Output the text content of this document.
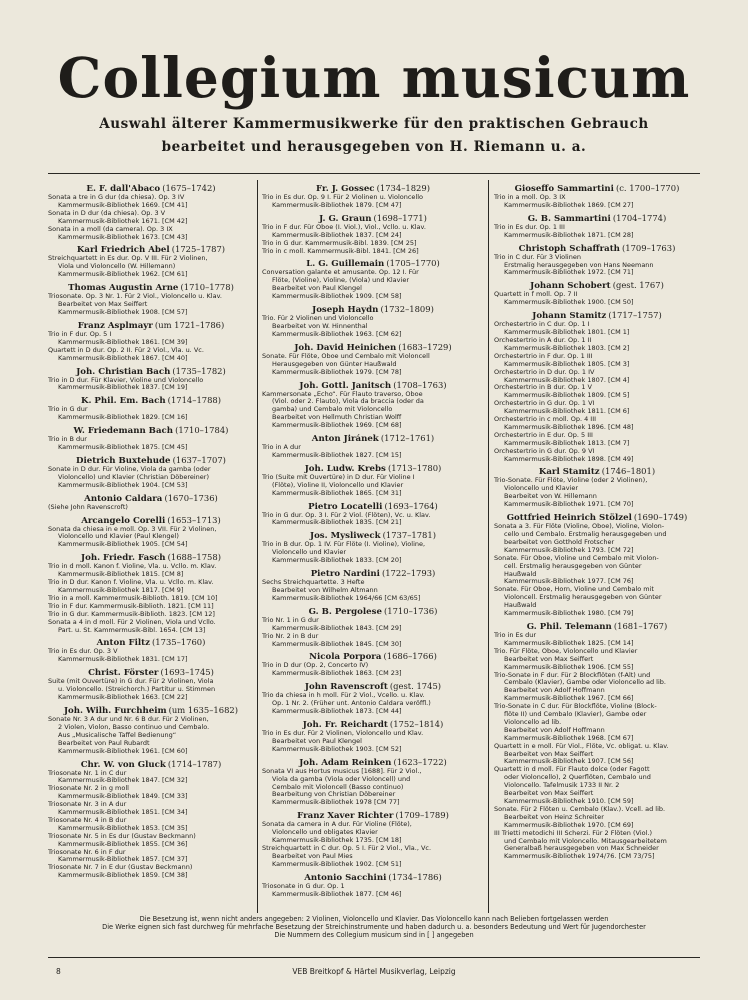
Collegium musicum
Auswahl älterer Kammermusikwerke für den praktischen Gebrauch
bearbeitet und herausgegeben von H. Riemann u. a.
E. F. dall'Abaco (1675–1742)
Sonata a tre in G dur (da chiesa). Op. 3 IV
Kammermusik-Bibliothek 1669. [CM 41]
Sonata in D dur (da chiesa). Op. 3 V
Kammermusik-Bibliothek 1671. [CM 42]
Sonata in a moll (da camera). Op. 3 IX
Kammermusik-Bibliothek 1673. [CM 43]
Karl Friedrich Abel (1725–1787)
Streichquartett in Es dur. Op. V III. Für 2 Violinen,
Viola und Violoncello (W. Hillemann)
Kammermusik-Bibliothek 1962. [CM 61]
Thomas Augustin Arne (1710–1778)
Triosonate. Op. 3 Nr. 1. Für 2 Viol., Violoncello u. Klav.
Bearbeitet von Max Seiffert
Kammermusik-Bibliothek 1908. [CM 57]
Franz Asplmayr (um 1721–1786)
Trio in F dur. Op. 5 I
Kammermusik-Bibliothek 1861. [CM 39]
Quartett in D dur. Op. 2 II. Für 2 Viol., Vla. u. Vc.
Kammermusik-Bibliothek 1867. [CM 40]
Joh. Christian Bach (1735–1782)
Trio in D dur. Für Klavier, Violine und Violoncello
Kammermusik-Bibliothek 1837. [CM 19]
K. Phil. Em. Bach (1714–1788)
Trio in G dur
Kammermusik-Bibliothek 1829. [CM 16]
W. Friedemann Bach (1710–1784)
Trio in B dur
Kammermusik-Bibliothek 1875. [CM 45]
Dietrich Buxtehude (1637–1707)
Sonate in D dur. Für Violine, Viola da gamba (oder
Violoncello) und Klavier (Christian Döbereiner)
Kammermusik-Bibliothek 1904. [CM 53]
Antonio Caldara (1670–1736)
(Siehe John Ravenscroft)
Arcangelo Corelli (1653–1713)
Sonata da chiesa in e moll. Op. 3 VII. Für 2 Violinen,
Violoncello und Klavier (Paul Klengel)
Kammermusik-Bibliothek 1905. [CM 54]
Joh. Friedr. Fasch (1688–1758)
Trio in d moll. Kanon f. Violine, Vla. u. Vcllo. m. Klav.
Kammermusik-Bibliothek 1815. [CM 8]
Trio in D dur. Kanon f. Violine, Vla. u. Vcllo. m. Klav.
Kammermusik-Bibliothek 1817. [CM 9]
Trio in a moll. Kammermusik-Biblioth. 1819. [CM 10]
Trio in F dur. Kammermusik-Biblioth. 1821. [CM 11]
Trio in G dur. Kammermusik-Biblioth. 1823. [CM 12]
Sonata a 4 in d moll. Für 2 Violinen, Viola und Vcllo.
Part. u. St. Kammermusik-Bibl. 1654. [CM 13]
Anton Filtz (1735–1760)
Trio in Es dur. Op. 3 V
Kammermusik-Bibliothek 1831. [CM 17]
Christ. Förster (1693–1745)
Suite (mit Ouvertüre) in G dur. Für 2 Violinen, Viola
u. Violoncello. (Streichorch.) Partitur u. Stimmen
Kammermusik-Bibliothek 1663. [CM 22]
Joh. Wilh. Furchheim (um 1635–1682)
Sonate Nr. 3 A dur und Nr. 6 B dur. Für 2 Violinen,
2 Violen, Violon, Basso continuo und Cembalo.
Aus „Musicalische Taffel Bedienung“
Bearbeitet von Paul Rubardt
Kammermusik-Bibliothek 1961. [CM 60]
Chr. W. von Gluck (1714–1787)
Triosonate Nr. 1 in C dur
Kammermusik-Bibliothek 1847. [CM 32]
Triosonate Nr. 2 in g moll
Kammermusik-Bibliothek 1849. [CM 33]
Triosonate Nr. 3 in A dur
Kammermusik-Bibliothek 1851. [CM 34]
Triosonate Nr. 4 in B dur
Kammermusik-Bibliothek 1853. [CM 35]
Triosonate Nr. 5 in Es dur (Gustav Beckmann)
Kammermusik-Bibliothek 1855. [CM 36]
Triosonate Nr. 6 in F dur
Kammermusik-Bibliothek 1857. [CM 37]
Triosonate Nr. 7 in E dur (Gustav Beckmann)
Kammermusik-Bibliothek 1859. [CM 38]
Fr. J. Gossec (1734–1829)
Trio in Es dur. Op. 9 I. Für 2 Violinen u. Violoncello
Kammermusik-Bibliothek 1879. [CM 47]
J. G. Graun (1698–1771)
Trio in F dur. Für Oboe (I. Viol.), Viol., Vcllo. u. Klav.
Kammermusik-Bibliothek 1837. [CM 24]
Trio in G dur. Kammermusik-Bibl. 1839. [CM 25]
Trio in c moll. Kammermusik-Bibl. 1841. [CM 26]
L. G. Guillemain (1705–1770)
Conversation galante et amusante. Op. 12 I. Für
Flöte, (Violine), Violine, (Viola) und Klavier
Bearbeitet von Paul Klengel
Kammermusik-Bibliothek 1909. [CM 58]
Joseph Haydn (1732–1809)
Trio. Für 2 Violinen und Violoncello
Bearbeitet von W. Hinnenthal
Kammermusik-Bibliothek 1963. [CM 62]
Joh. David Heinichen (1683–1729)
Sonate. Für Flöte, Oboe und Cembalo mit Violoncell
Herausgegeben von Günter Haußwald
Kammermusik-Bibliothek 1979. [CM 78]
Joh. Gottl. Janitsch (1708–1763)
Kammersonate „Echo“. Für Flauto traverso, Oboe
(Viol. oder 2. Flauto), Viola da braccia (oder da
gamba) und Cembalo mit Violoncello
Bearbeitet von Hellmuth Christian Wolff
Kammermusik-Bibliothek 1969. [CM 68]
Anton Jiránek (1712–1761)
Trio in A dur
Kammermusik-Bibliothek 1827. [CM 15]
Joh. Ludw. Krebs (1713–1780)
Trio (Suite mit Ouvertüre) in D dur. Für Violine I
(Flöte), Violine II, Violoncello und Klavier
Kammermusik-Bibliothek 1865. [CM 31]
Pietro Locatelli (1693–1764)
Trio in G dur. Op. 3 I. Für 2 Viol. (Flöten), Vc. u. Klav.
Kammermusik-Bibliothek 1835. [CM 21]
Jos. Mysliweck (1737–1781)
Trio in B dur. Op. 1 IV. Für Flöte (I. Violine), Violine,
Violoncello und Klavier
Kammermusik-Bibliothek 1833. [CM 20]
Pietro Nardini (1722–1793)
Sechs Streichquartette. 3 Hefte
Bearbeitet von Wilhelm Altmann
Kammermusik-Bibliothek 1964/66 [CM 63/65]
G. B. Pergolese (1710–1736)
Trio Nr. 1 in G dur
Kammermusik-Bibliothek 1843. [CM 29]
Trio Nr. 2 in B dur
Kammermusik-Bibliothek 1845. [CM 30]
Nicola Porpora (1686–1766)
Trio in D dur (Op. 2, Concerto IV)
Kammermusik-Bibliothek 1863. [CM 23]
John Ravenscroft (gest. 1745)
Trio da chiesa in h moll. Für 2 Viol., Vcello. u. Klav.
Op. 1 Nr. 2. (Früher unt. Antonio Caldara veröffl.)
Kammermusik-Bibliothek 1873. [CM 44]
Joh. Fr. Reichardt (1752–1814)
Trio in Es dur. Für 2 Violinen, Violoncello und Klav.
Bearbeitet von Paul Klengel
Kammermusik-Bibliothek 1903. [CM 52]
Joh. Adam Reinken (1623–1722)
Sonata VI aus Hortus musicus [1688]. Für 2 Viol.,
Viola da gamba (Viola oder Violoncell) und
Cembalo mit Violoncell (Basso continuo)
Bearbeitung von Christian Döbereiner
Kammermusik-Bibliothek 1978 [CM 77]
Franz Xaver Richter (1709–1789)
Sonata da camera in A dur. Für Violine (Flöte),
Violoncello und obligates Klavier
Kammermusik-Bibliothek 1735. [CM 18]
Streichquartett in C dur. Op. 5 I. Für 2 Viol., Vla., Vc.
Bearbeitet von Paul Mies
Kammermusik-Bibliothek 1902. [CM 51]
Antonio Sacchini (1734–1786)
Triosonate in G dur. Op. 1
Kammermusik-Bibliothek 1877. [CM 46]
Gioseffo Sammartini (c. 1700–1770)
Trio in a moll. Op. 3 IX
Kammermusik-Bibliothek 1869. [CM 27]
G. B. Sammartini (1704–1774)
Trio in Es dur. Op. 1 III
Kammermusik-Bibliothek 1871. [CM 28]
Christoph Schaffrath (1709–1763)
Trio in C dur. Für 3 Violinen
Erstmalig herausgegeben von Hans Neemann
Kammermusik-Bibliothek 1972. [CM 71]
Johann Schobert (gest. 1767)
Quartett in f moll. Op. 7 II
Kammermusik-Bibliothek 1900. [CM 50]
Johann Stamitz (1717–1757)
Orchestertrio in C dur. Op. 1 I
Kammermusik-Bibliothek 1801. [CM 1]
Orchestertrio in A dur. Op. 1 II
Kammermusik-Bibliothek 1803. [CM 2]
Orchestertrio in F dur. Op. 1 III
Kammermusik-Bibliothek 1805. [CM 3]
Orchestertrio in D dur. Op. 1 IV
Kammermusik-Bibliothek 1807. [CM 4]
Orchestertrio in B dur. Op. 1 V
Kammermusik-Bibliothek 1809. [CM 5]
Orchestertrio in G dur. Op. 1 VI
Kammermusik-Bibliothek 1811. [CM 6]
Orchestertrio in c moll. Op. 4 III
Kammermusik-Bibliothek 1896. [CM 48]
Orchestertrio in E dur. Op. 5 III
Kammermusik-Bibliothek 1813. [CM 7]
Orchestertrio in G dur. Op. 9 VI
Kammermusik-Bibliothek 1898. [CM 49]
Karl Stamitz (1746–1801)
Trio-Sonate. Für Flöte, Violine (oder 2 Violinen),
Violoncello und Klavier
Bearbeitet von W. Hillemann
Kammermusik-Bibliothek 1971. [CM 70]
Gottfried Heinrich Stölzel (1690–1749)
Sonata a 3. Für Flöte (Violine, Oboe), Violine, Violon-
cello und Cembalo. Erstmalig herausgegeben und
bearbeitet von Gotthold Frotscher
Kammermusik-Bibliothek 1793. [CM 72]
Sonate. Für Oboe, Violine und Cembalo mit Violon-
cell. Erstmalig herausgegeben von Günter
Haußwald
Kammermusik-Bibliothek 1977. [CM 76]
Sonate. Für Oboe, Horn, Violine und Cembalo mit
Violoncell. Erstmalig herausgegeben von Günter
Haußwald
Kammermusik-Bibliothek 1980. [CM 79]
G. Phil. Telemann (1681–1767)
Trio in Es dur
Kammermusik-Bibliothek 1825. [CM 14]
Trio. Für Flöte, Oboe, Violoncello und Klavier
Bearbeitet von Max Seiffert
Kammermusik-Bibliothek 1906. [CM 55]
Trio-Sonate in F dur. Für 2 Blockflöten (f-Alt) und
Cembalo (Klavier), Gambe oder Violoncello ad lib.
Bearbeitet von Adolf Hoffmann
Kammermusik-Bibliothek 1967. [CM 66]
Trio-Sonate in C dur. Für Blockflöte, Violine (Block-
flöte II) und Cembalo (Klavier), Gambe oder
Violoncello ad lib.
Bearbeitet von Adolf Hoffmann
Kammermusik-Bibliothek 1968. [CM 67]
Quartett in e moll. Für Viol., Flöte, Vc. obligat. u. Klav.
Bearbeitet von Max Seiffert
Kammermusik-Bibliothek 1907. [CM 56]
Quartett in d moll. Für Flauto dolce (oder Fagott
oder Violoncello), 2 Querflöten, Cembalo und
Violoncello. Tafelmusik 1733 II Nr. 2
Bearbeitet von Max Seiffert
Kammermusik-Bibliothek 1910. [CM 59]
Sonate. Für 2 Flöten u. Cembalo (Klav.). Vcell. ad lib.
Bearbeitet von Heinz Schreiter
Kammermusik-Bibliothek 1970. [CM 69]
III Trietti metodichi III Scherzi. Für 2 Flöten (Viol.)
und Cembalo mit Violoncello. Mitausgearbeitetem
Generalbaß herausgegeben von Max Schneider
Kammermusik-Bibliothek 1974/76. [CM 73/75]
Die Besetzung ist, wenn nicht anders angegeben: 2 Violinen, Violoncello und Klavier. Das Violoncello kann nach Belieben fortgelassen werden
Die Werke eignen sich fast durchweg für mehrfache Besetzung der Streichinstrumente und haben dadurch u. a. besonders Bedeutung und Wert für Jugendorchester
Die Nummern des Collegium musicum sind in [ ] angegeben
8	VEB Breitkopf & Härtel Musikverlag, Leipzig
